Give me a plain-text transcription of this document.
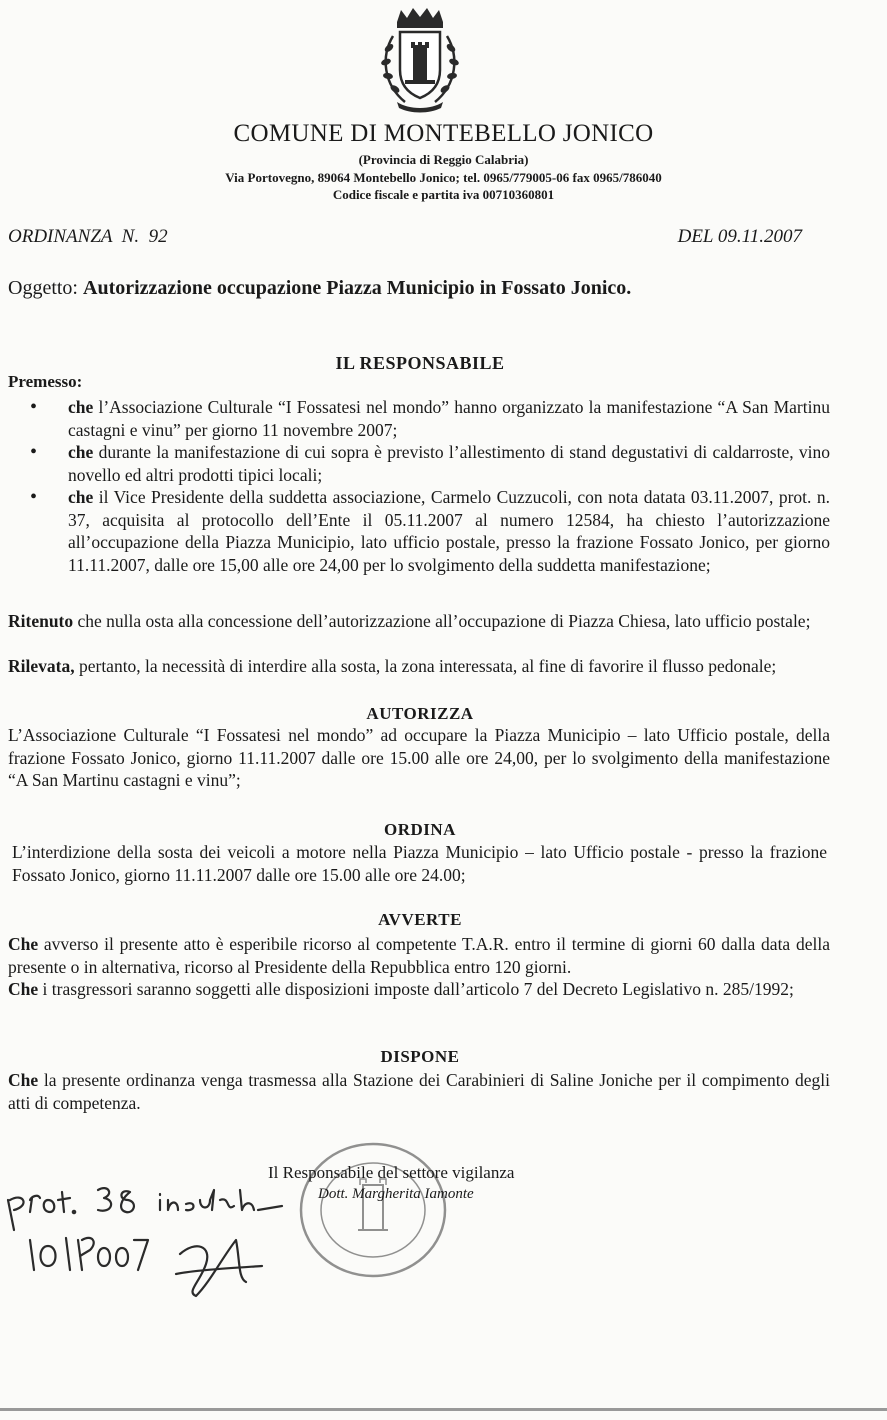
COMUNE DI MONTEBELLO JONICO
(Provincia di Reggio Calabria)
Via Portovegno, 89064 Montebello Jonico; tel. 0965/779005-06 fax 0965/786040
Codice fiscale e partita iva 00710360801
ORDINANZA  N.  92	DEL 09.11.2007
Oggetto: Autorizzazione occupazione Piazza Municipio in Fossato Jonico.
IL RESPONSABILE
Premesso:
• che l’Associazione Culturale “I Fossatesi nel mondo” hanno organizzato la manifestazione “A San Martinu castagni e vinu” per giorno 11 novembre 2007;
• che durante la manifestazione di cui sopra è previsto l’allestimento di stand degustativi di caldarroste, vino novello ed altri prodotti tipici locali;
• che il Vice Presidente della suddetta associazione, Carmelo Cuzzucoli, con nota datata 03.11.2007, prot. n. 37, acquisita al protocollo dell’Ente il 05.11.2007 al numero 12584, ha chiesto l’autorizzazione all’occupazione della Piazza Municipio, lato ufficio postale, presso la frazione Fossato Jonico, per giorno 11.11.2007, dalle ore 15,00 alle ore 24,00 per lo svolgimento della suddetta manifestazione;
Ritenuto che nulla osta alla concessione dell’autorizzazione all’occupazione di Piazza Chiesa, lato ufficio postale;
Rilevata, pertanto, la necessità di interdire alla sosta, la zona interessata, al fine di favorire il flusso pedonale;
AUTORIZZA
L’Associazione Culturale “I Fossatesi nel mondo” ad occupare la Piazza Municipio – lato Ufficio postale, della frazione Fossato Jonico, giorno 11.11.2007 dalle ore 15.00 alle ore 24,00, per lo svolgimento della manifestazione “A San Martinu castagni e vinu”;
ORDINA
L’interdizione della sosta dei veicoli a motore nella Piazza Municipio – lato Ufficio postale - presso la frazione Fossato Jonico, giorno 11.11.2007 dalle ore 15.00 alle ore 24.00;
AVVERTE
Che avverso il presente atto è esperibile ricorso al competente T.A.R. entro il termine di giorni 60 dalla data della presente o in alternativa, ricorso al Presidente della Repubblica entro 120 giorni.
Che i trasgressori saranno soggetti alle disposizioni imposte dall’articolo 7 del Decreto Legislativo n. 285/1992;
DISPONE
Che la presente ordinanza venga trasmessa alla Stazione dei Carabinieri di Saline Joniche per il compimento degli atti di competenza.
Il Responsabile del settore vigilanza
Dott. Margherita Iamonte
